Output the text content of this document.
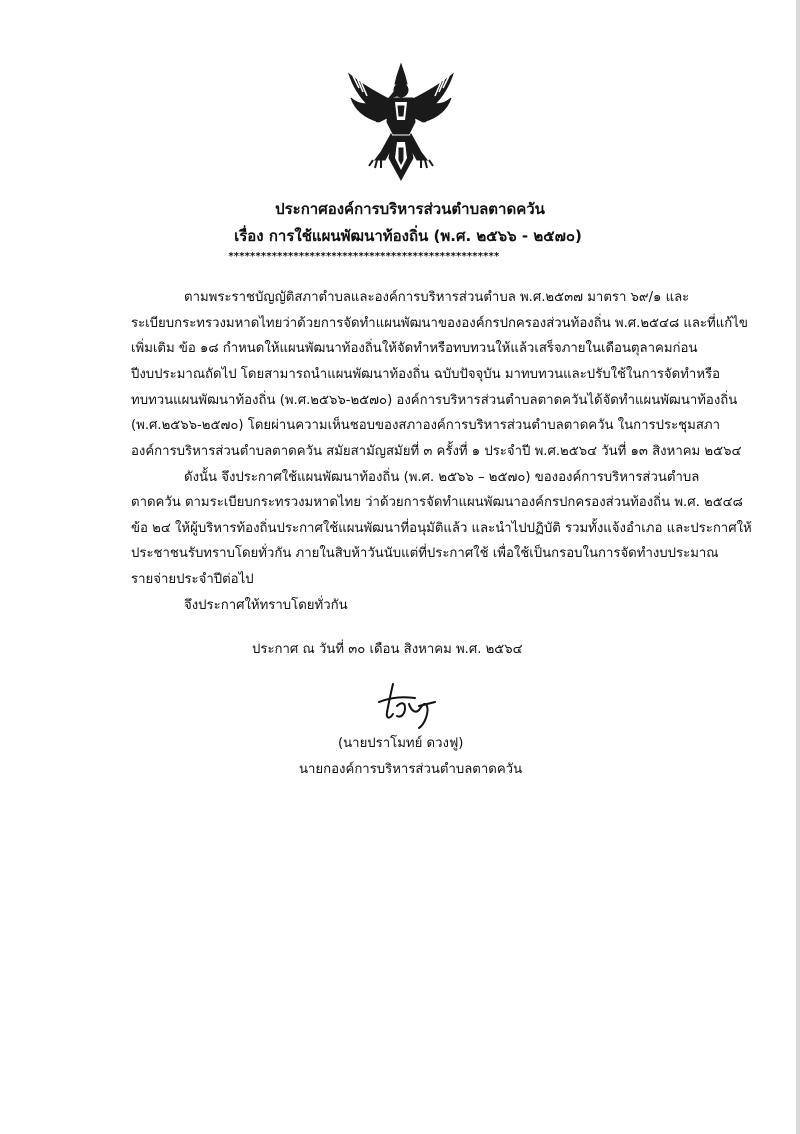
ประกาศองค์การบริหารส่วนตำบลตาดควัน
เรื่อง การใช้แผนพัฒนาท้องถิ่น (พ.ศ. ๒๕๖๖ - ๒๕๗๐)
**************************************************
ตามพระราชบัญญัติสภาตำบลและองค์การบริหารส่วนตำบล พ.ศ.๒๕๓๗ มาตรา ๖๙/๑ และ
ระเบียบกระทรวงมหาดไทยว่าด้วยการจัดทำแผนพัฒนาขององค์กรปกครองส่วนท้องถิ่น พ.ศ.๒๕๔๘ และที่แก้ไข
เพิ่มเติม ข้อ ๑๘ กำหนดให้แผนพัฒนาท้องถิ่นให้จัดทำหรือทบทวนให้แล้วเสร็จภายในเดือนตุลาคมก่อน
ปีงบประมาณถัดไป โดยสามารถนำแผนพัฒนาท้องถิ่น ฉบับปัจจุบัน มาทบทวนและปรับใช้ในการจัดทำหรือ
ทบทวนแผนพัฒนาท้องถิ่น (พ.ศ.๒๕๖๖-๒๕๗๐) องค์การบริหารส่วนตำบลตาดควันได้จัดทำแผนพัฒนาท้องถิ่น
(พ.ศ.๒๕๖๖-๒๕๗๐) โดยผ่านความเห็นชอบของสภาองค์การบริหารส่วนตำบลตาดควัน ในการประชุมสภา
องค์การบริหารส่วนตำบลตาดควัน สมัยสามัญสมัยที่ ๓ ครั้งที่ ๑ ประจำปี พ.ศ.๒๕๖๔ วันที่ ๑๓ สิงหาคม ๒๕๖๔
ดังนั้น จึงประกาศใช้แผนพัฒนาท้องถิ่น (พ.ศ. ๒๕๖๖ – ๒๕๗๐) ขององค์การบริหารส่วนตำบล
ตาดควัน ตามระเบียบกระทรวงมหาดไทย ว่าด้วยการจัดทำแผนพัฒนาองค์กรปกครองส่วนท้องถิ่น พ.ศ. ๒๕๔๘
ข้อ ๒๔ ให้ผู้บริหารท้องถิ่นประกาศใช้แผนพัฒนาที่อนุมัติแล้ว และนำไปปฏิบัติ รวมทั้งแจ้งอำเภอ และประกาศให้
ประชาชนรับทราบโดยทั่วกัน ภายในสิบห้าวันนับแต่ที่ประกาศใช้ เพื่อใช้เป็นกรอบในการจัดทำงบประมาณ
รายจ่ายประจำปีต่อไป
จึงประกาศให้ทราบโดยทั่วกัน
ประกาศ ณ วันที่ ๓๐ เดือน สิงหาคม พ.ศ. ๒๕๖๔
(นายปราโมทย์ ดวงฟู)
นายกองค์การบริหารส่วนตำบลตาดควัน
